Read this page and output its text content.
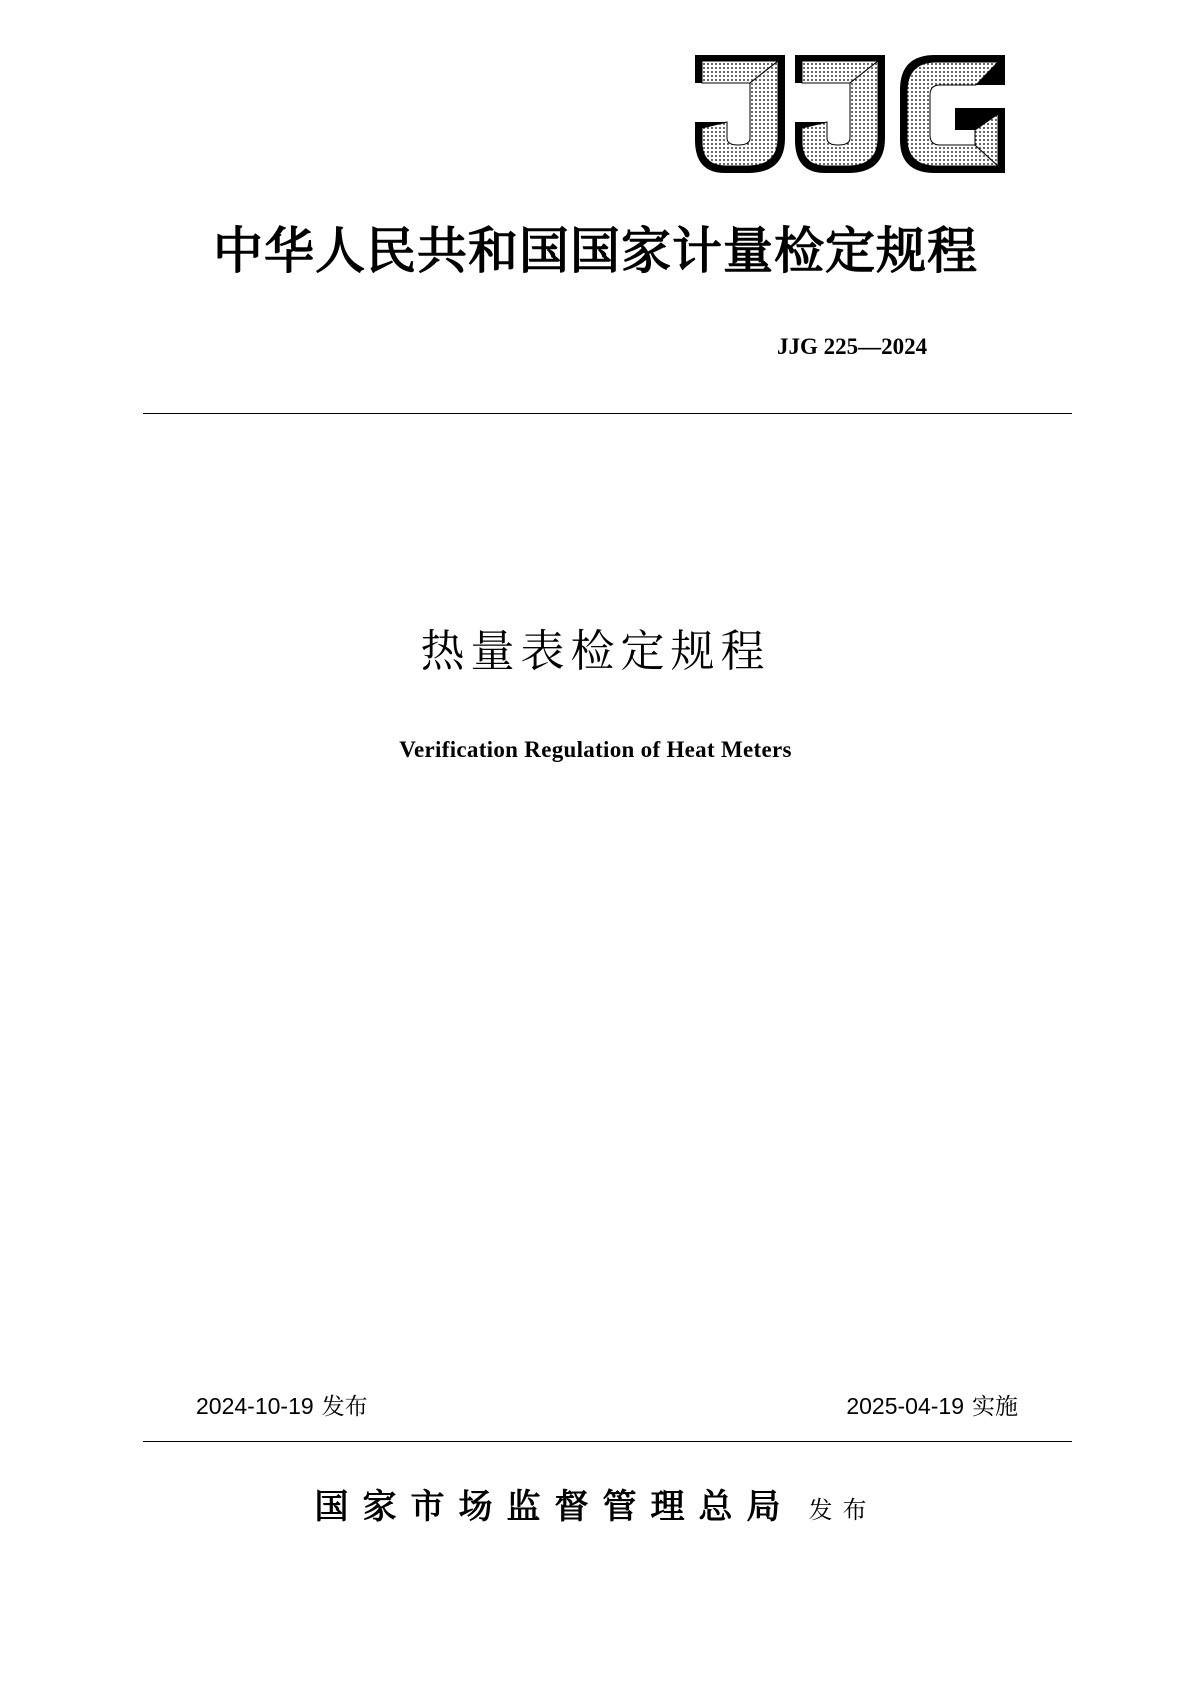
中华人民共和国国家计量检定规程
JJG 225—2024
热量表检定规程
Verification Regulation of Heat Meters
2024-10-19 发布	2025-04-19 实施
国家市场监督管理总局 发布
